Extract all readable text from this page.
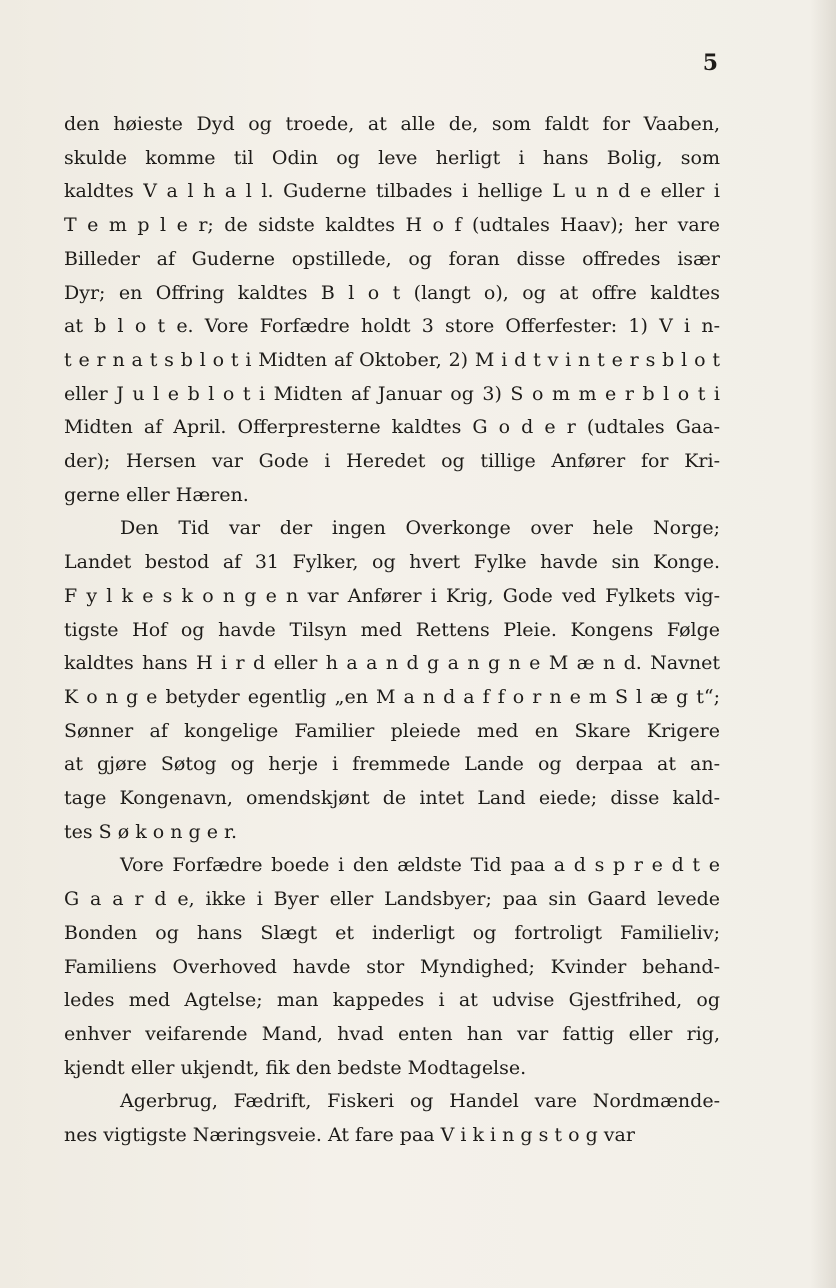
5
den høieste Dyd og troede, at alle de, som faldt for Vaaben,
skulde komme til Odin og leve herligt i hans Bolig, som
kaldtes V a l h a l l. Guderne tilbades i hellige L u n d e eller i
T e m p l e r; de sidste kaldtes H o f (udtales Haav); her vare
Billeder af Guderne opstillede, og foran disse offredes især
Dyr; en Offring kaldtes B l o t (langt o), og at offre kaldtes
at b l o t e. Vore Forfædre holdt 3 store Offerfester: 1) V i n-
t e r n a t s b l o t i Midten af Oktober, 2) M i d t v i n t e r s b l o t
eller J u l e b l o t i Midten af Januar og 3) S o m m e r b l o t i
Midten af April. Offerpresterne kaldtes G o d e r (udtales Gaa-
der); Hersen var Gode i Heredet og tillige Anfører for Kri-
gerne eller Hæren.
Den Tid var der ingen Overkonge over hele Norge;
Landet bestod af 31 Fylker, og hvert Fylke havde sin Konge.
F y l k e s k o n g e n var Anfører i Krig, Gode ved Fylkets vig-
tigste Hof og havde Tilsyn med Rettens Pleie. Kongens Følge
kaldtes hans H i r d eller h a a n d g a n g n e M æ n d. Navnet
K o n g e betyder egentlig „en M a n d a f f o r n e m S l æ g t“;
Sønner af kongelige Familier pleiede med en Skare Krigere
at gjøre Søtog og herje i fremmede Lande og derpaa at an-
tage Kongenavn, omendskjønt de intet Land eiede; disse kald-
tes S ø k o n g e r.
Vore Forfædre boede i den ældste Tid paa a d s p r e d t e
G a a r d e, ikke i Byer eller Landsbyer; paa sin Gaard levede
Bonden og hans Slægt et inderligt og fortroligt Familieliv;
Familiens Overhoved havde stor Myndighed; Kvinder behand-
ledes med Agtelse; man kappedes i at udvise Gjestfrihed, og
enhver veifarende Mand, hvad enten han var fattig eller rig,
kjendt eller ukjendt, fik den bedste Modtagelse.
Agerbrug, Fædrift, Fiskeri og Handel vare Nordmænde-
nes vigtigste Næringsveie. At fare paa V i k i n g s t o g var
